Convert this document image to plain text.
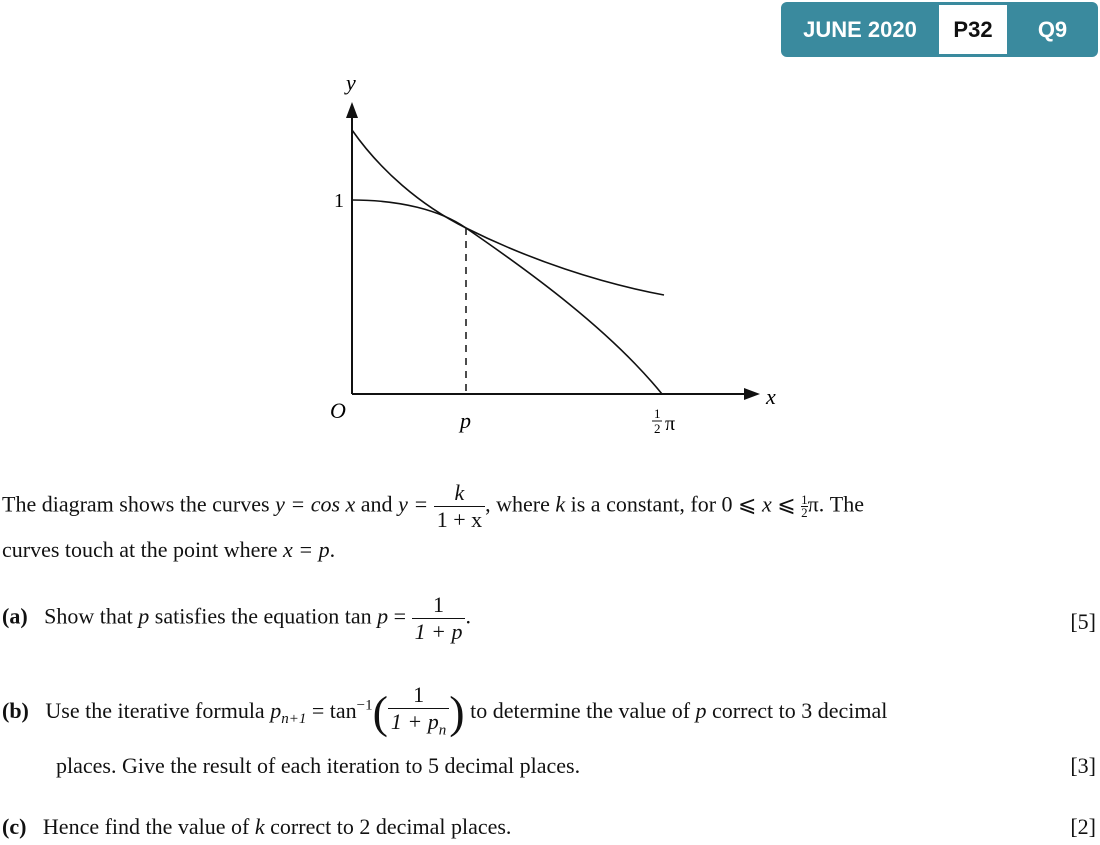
JUNE 2020	P32	Q9
y
x
O
1
p	1
2 π
The diagram shows the curves y = cos x and $y = \frac{k}{1 + x}$ , where k is a constant, for 0 ⩽ x ⩽ $\frac{1}{2} \pi$. The
curves touch at the point where x = p.
(a) Show that p satisfies the equation $\tan p = \frac{1}{1 + p}$ .	[5]
(b) Use the iterative formula $p_{n+1} = \tan^{-1}( \frac{1}{1 + p_n}$ ) to determine the value of p correct to 3 decimal
places. Give the result of each iteration to 5 decimal places.	[3]
(c) Hence find the value of k correct to 2 decimal places.	[2]
